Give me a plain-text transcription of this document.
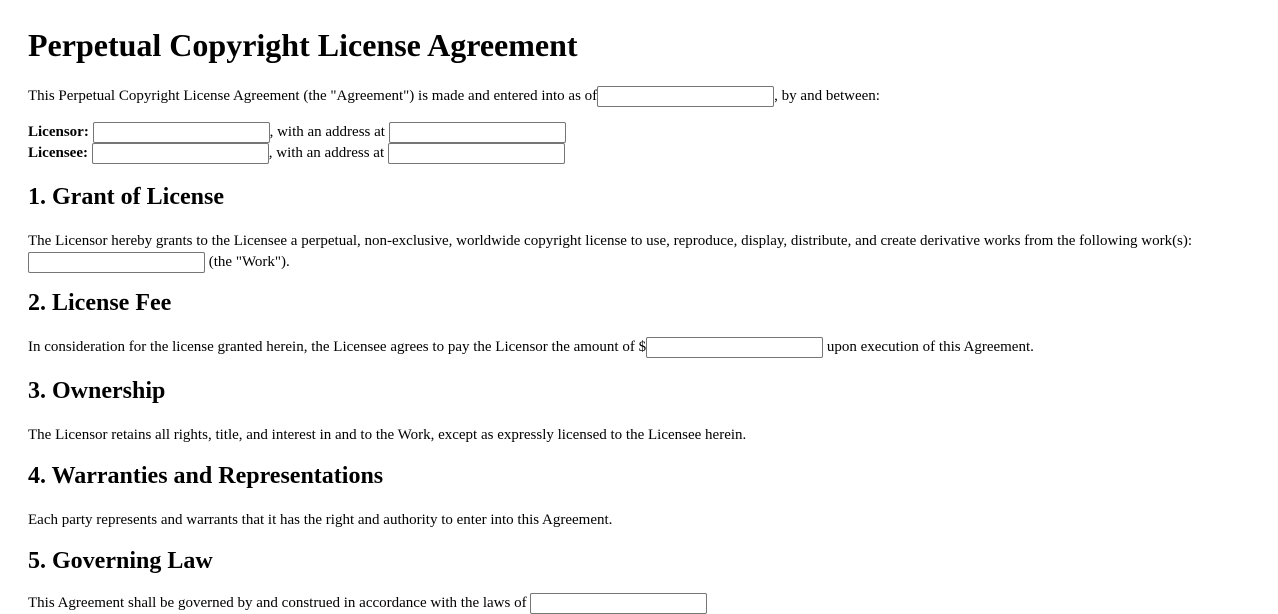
Perpetual Copyright License Agreement
This Perpetual Copyright License Agreement (the "Agreement") is made and entered into as of	, by and between:
Licensor:	, with an address at
Licensee:	, with an address at
1. Grant of License
The Licensor hereby grants to the Licensee a perpetual, non-exclusive, worldwide copyright license to use, reproduce, display, distribute, and create derivative works from the following work(s):  (the "Work").
2. License Fee
In consideration for the license granted herein, the Licensee agrees to pay the Licensor the amount of $	upon execution of this Agreement.
3. Ownership
The Licensor retains all rights, title, and interest in and to the Work, except as expressly licensed to the Licensee herein.
4. Warranties and Representations
Each party represents and warrants that it has the right and authority to enter into this Agreement.
5. Governing Law
This Agreement shall be governed by and construed in accordance with the laws of
